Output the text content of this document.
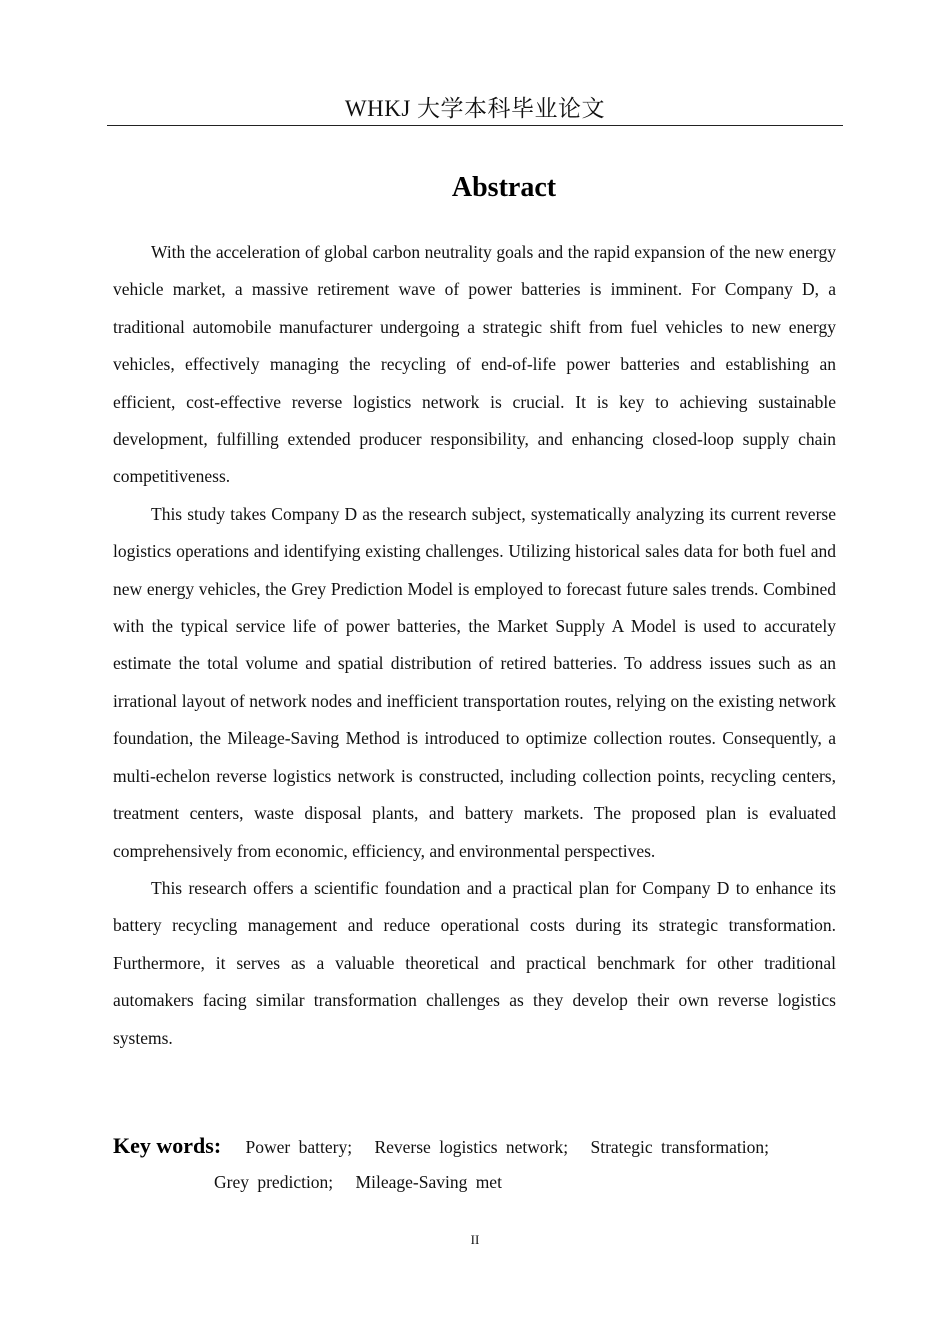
WHKJ 大学本科毕业论文
Abstract

With the acceleration of global carbon neutrality goals and the rapid expansion of the new energy vehicle market, a massive retirement wave of power batteries is imminent. For Company D, a traditional automobile manufacturer undergoing a strategic shift from fuel vehicles to new energy vehicles, effectively managing the recycling of end-of-life power batteries and establishing an efficient, cost-effective reverse logistics network is crucial. It is key to achieving sustainable development, fulfilling extended producer responsibility, and enhancing closed-loop supply chain competitiveness.

This study takes Company D as the research subject, systematically analyzing its current reverse logistics operations and identifying existing challenges. Utilizing historical sales data for both fuel and new energy vehicles, the Grey Prediction Model is employed to forecast future sales trends. Combined with the typical service life of power batteries, the Market Supply A Model is used to accurately estimate the total volume and spatial distribution of retired batteries. To address issues such as an irrational layout of network nodes and inefficient transportation routes, relying on the existing network foundation, the Mileage-Saving Method is introduced to optimize collection routes. Consequently, a multi-echelon reverse logistics network is constructed, including collection points, recycling centers, treatment centers, waste disposal plants, and battery markets. The proposed plan is evaluated comprehensively from economic, efficiency, and environmental perspectives.

This research offers a scientific foundation and a practical plan for Company D to enhance its battery recycling management and reduce operational costs during its strategic transformation. Furthermore, it serves as a valuable theoretical and practical benchmark for other traditional automakers facing similar transformation challenges as they develop their own reverse logistics systems.

Key words: Power battery; Reverse logistics network; Strategic transformation;
Grey prediction; Mileage-Saving met
II
